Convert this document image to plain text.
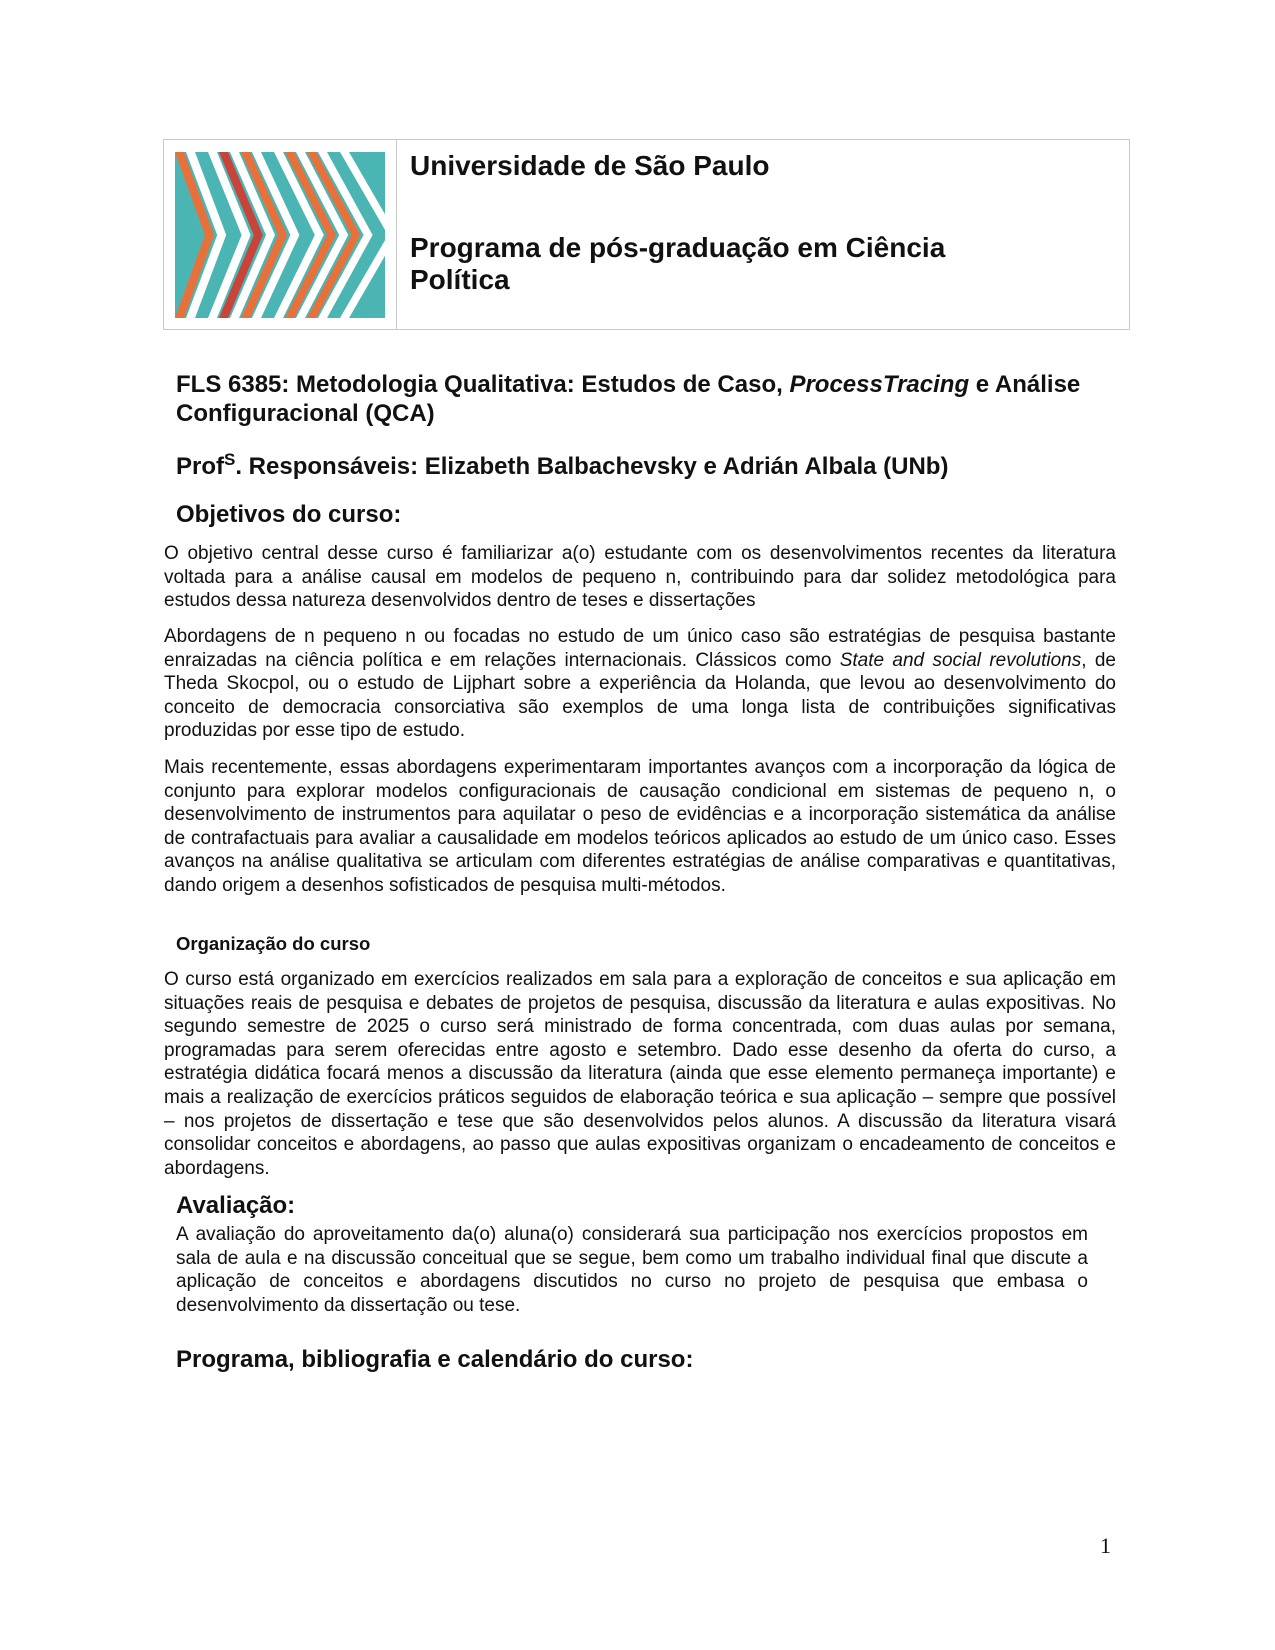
Universidade de São Paulo
Programa de pós-graduação em Ciência
Política
FLS 6385: Metodologia Qualitativa: Estudos de Caso, ProcessTracing e Análise Configuracional (QCA)
Prof$^S$. Responsáveis: Elizabeth Balbachevsky e Adrián Albala (UNb)
Objetivos do curso:
O objetivo central desse curso é familiarizar a(o) estudante com os desenvolvimentos recentes da literatura voltada para a análise causal em modelos de pequeno n, contribuindo para dar solidez metodológica para estudos dessa natureza desenvolvidos dentro de teses e dissertações
Abordagens de n pequeno n ou focadas no estudo de um único caso são estratégias de pesquisa bastante enraizadas na ciência política e em relações internacionais. Clássicos como State and social revolutions, de Theda Skocpol, ou o estudo de Lijphart sobre a experiência da Holanda, que levou ao desenvolvimento do conceito de democracia consorciativa são exemplos de uma longa lista de contribuições significativas produzidas por esse tipo de estudo.
Mais recentemente, essas abordagens experimentaram importantes avanços com a incorporação da lógica de conjunto para explorar modelos configuracionais de causação condicional em sistemas de pequeno n, o desenvolvimento de instrumentos para aquilatar o peso de evidências e a incorporação sistemática da análise de contrafactuais para avaliar a causalidade em modelos teóricos aplicados ao estudo de um único caso. Esses avanços na análise qualitativa se articulam com diferentes estratégias de análise comparativas e quantitativas, dando origem a desenhos sofisticados de pesquisa multi-métodos.
Organização do curso
O curso está organizado em exercícios realizados em sala para a exploração de conceitos e sua aplicação em situações reais de pesquisa e debates de projetos de pesquisa, discussão da literatura e aulas expositivas. No segundo semestre de 2025 o curso será ministrado de forma concentrada, com duas aulas por semana, programadas para serem oferecidas entre agosto e setembro. Dado esse desenho da oferta do curso, a estratégia didática focará menos a discussão da literatura (ainda que esse elemento permaneça importante) e mais a realização de exercícios práticos seguidos de elaboração teórica e sua aplicação – sempre que possível – nos projetos de dissertação e tese que são desenvolvidos pelos alunos. A discussão da literatura visará consolidar conceitos e abordagens, ao passo que aulas expositivas organizam o encadeamento de conceitos e abordagens.
Avaliação:
A avaliação do aproveitamento da(o) aluna(o) considerará sua participação nos exercícios propostos em sala de aula e na discussão conceitual que se segue, bem como um trabalho individual final que discute a aplicação de conceitos e abordagens discutidos no curso no projeto de pesquisa que embasa o desenvolvimento da dissertação ou tese.
Programa, bibliografia e calendário do curso:
1
